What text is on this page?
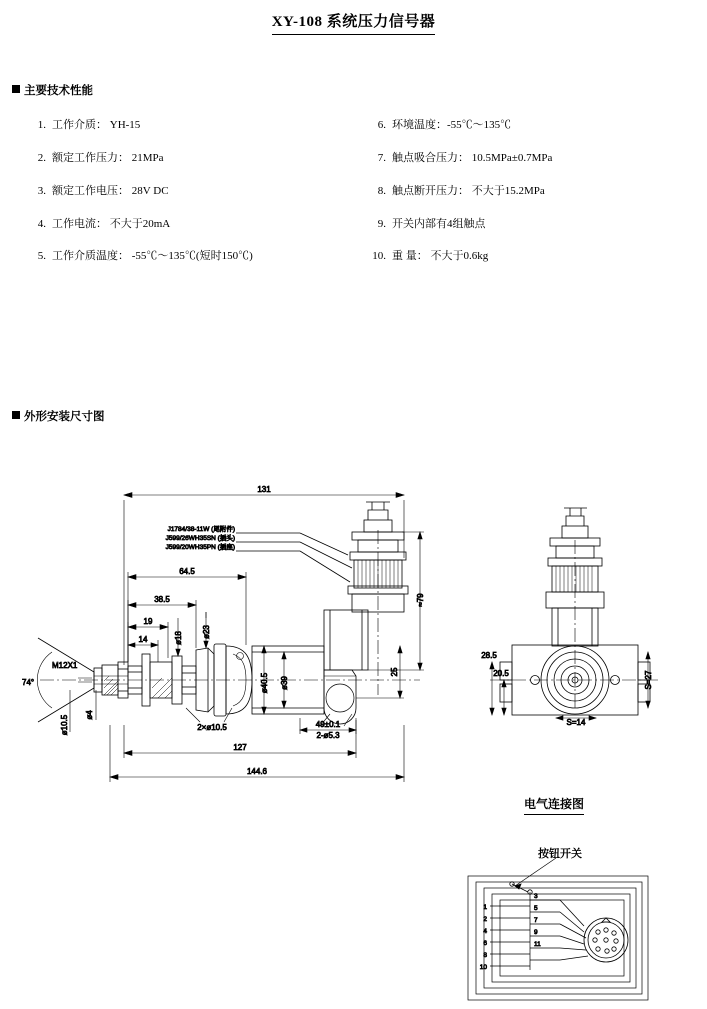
XY-108 系统压力信号器
主要技术性能
1. 工作介质： YH-15
2. 额定工作压力： 21MPa
3. 额定工作电压： 28V DC
4. 工作电流： 不大于20mA
5. 工作介质温度： -55℃～135℃(短时150℃)
6. 环境温度：-55℃～135℃
7. 触点吸合压力： 10.5MPa±0.7MPa
8. 触点断开压力： 不大于15.2MPa
9. 开关内部有4组触点
10. 重 量： 不大于0.6kg
外形安装尺寸图
J1784/38-11W (尾附件)
J599/26WH35SN (插头)
J599/20WH35PN (插座)
131
64.5
38.5
19
14
127
144.6
49±0.1
2-ø5.3
2×ø10.5
ø40.5 ø39
ø23
ø18
≈79
25
M12X1
74°
ø4
ø10.5
28.5
20.5	S=27
S=14
1
2
4
6
8
10
3
5
7
9
11
电气连接图
按钮开关
